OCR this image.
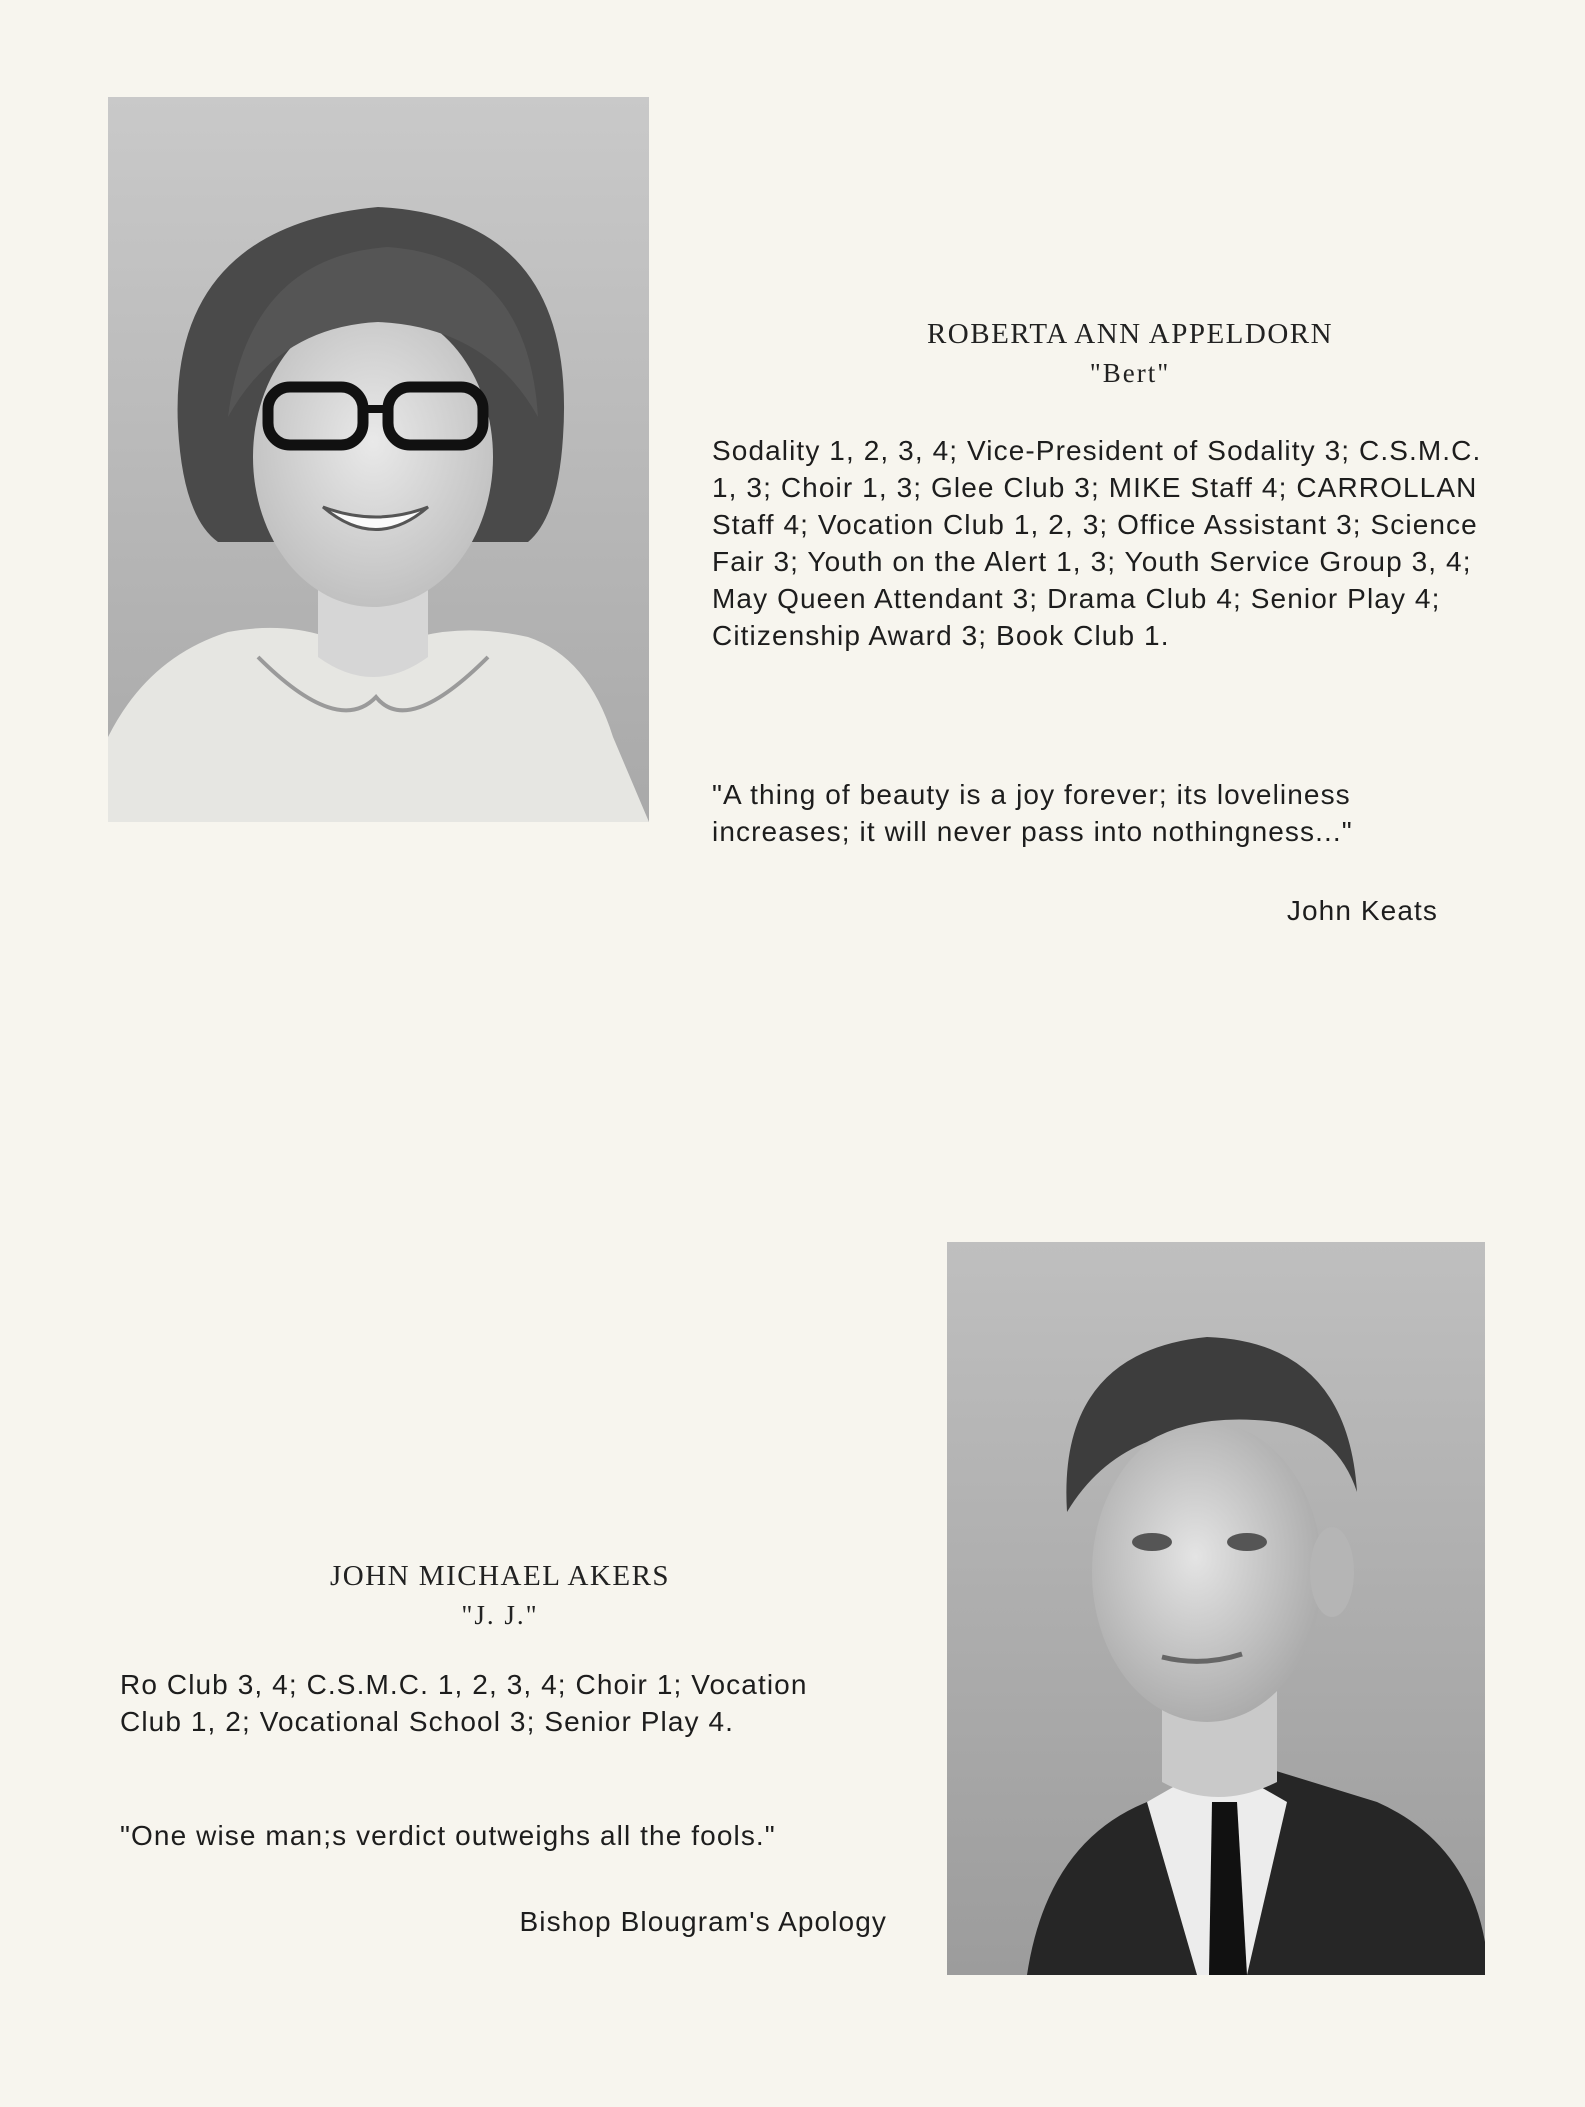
ROBERTA ANN APPELDORN

"Bert"

Sodality 1, 2, 3, 4; Vice-President of Sodality 3; C.S.M.C. 1, 3; Choir 1, 3; Glee Club 3; MIKE Staff 4; CARROLLAN Staff 4; Vocation Club 1, 2, 3; Office Assistant 3; Science Fair 3; Youth on the Alert 1, 3; Youth Service Group 3, 4; May Queen Attendant 3; Drama Club 4; Senior Play 4; Citizenship Award 3; Book Club 1.

"A thing of beauty is a joy forever; its loveliness increases; it will never pass into nothingness..."

John Keats

JOHN MICHAEL AKERS

"J. J."

Ro Club 3, 4; C.S.M.C. 1, 2, 3, 4; Choir 1; Vocation Club 1, 2; Vocational School 3; Senior Play 4.

"One wise man;s verdict outweighs all the fools."

Bishop Blougram's Apology
